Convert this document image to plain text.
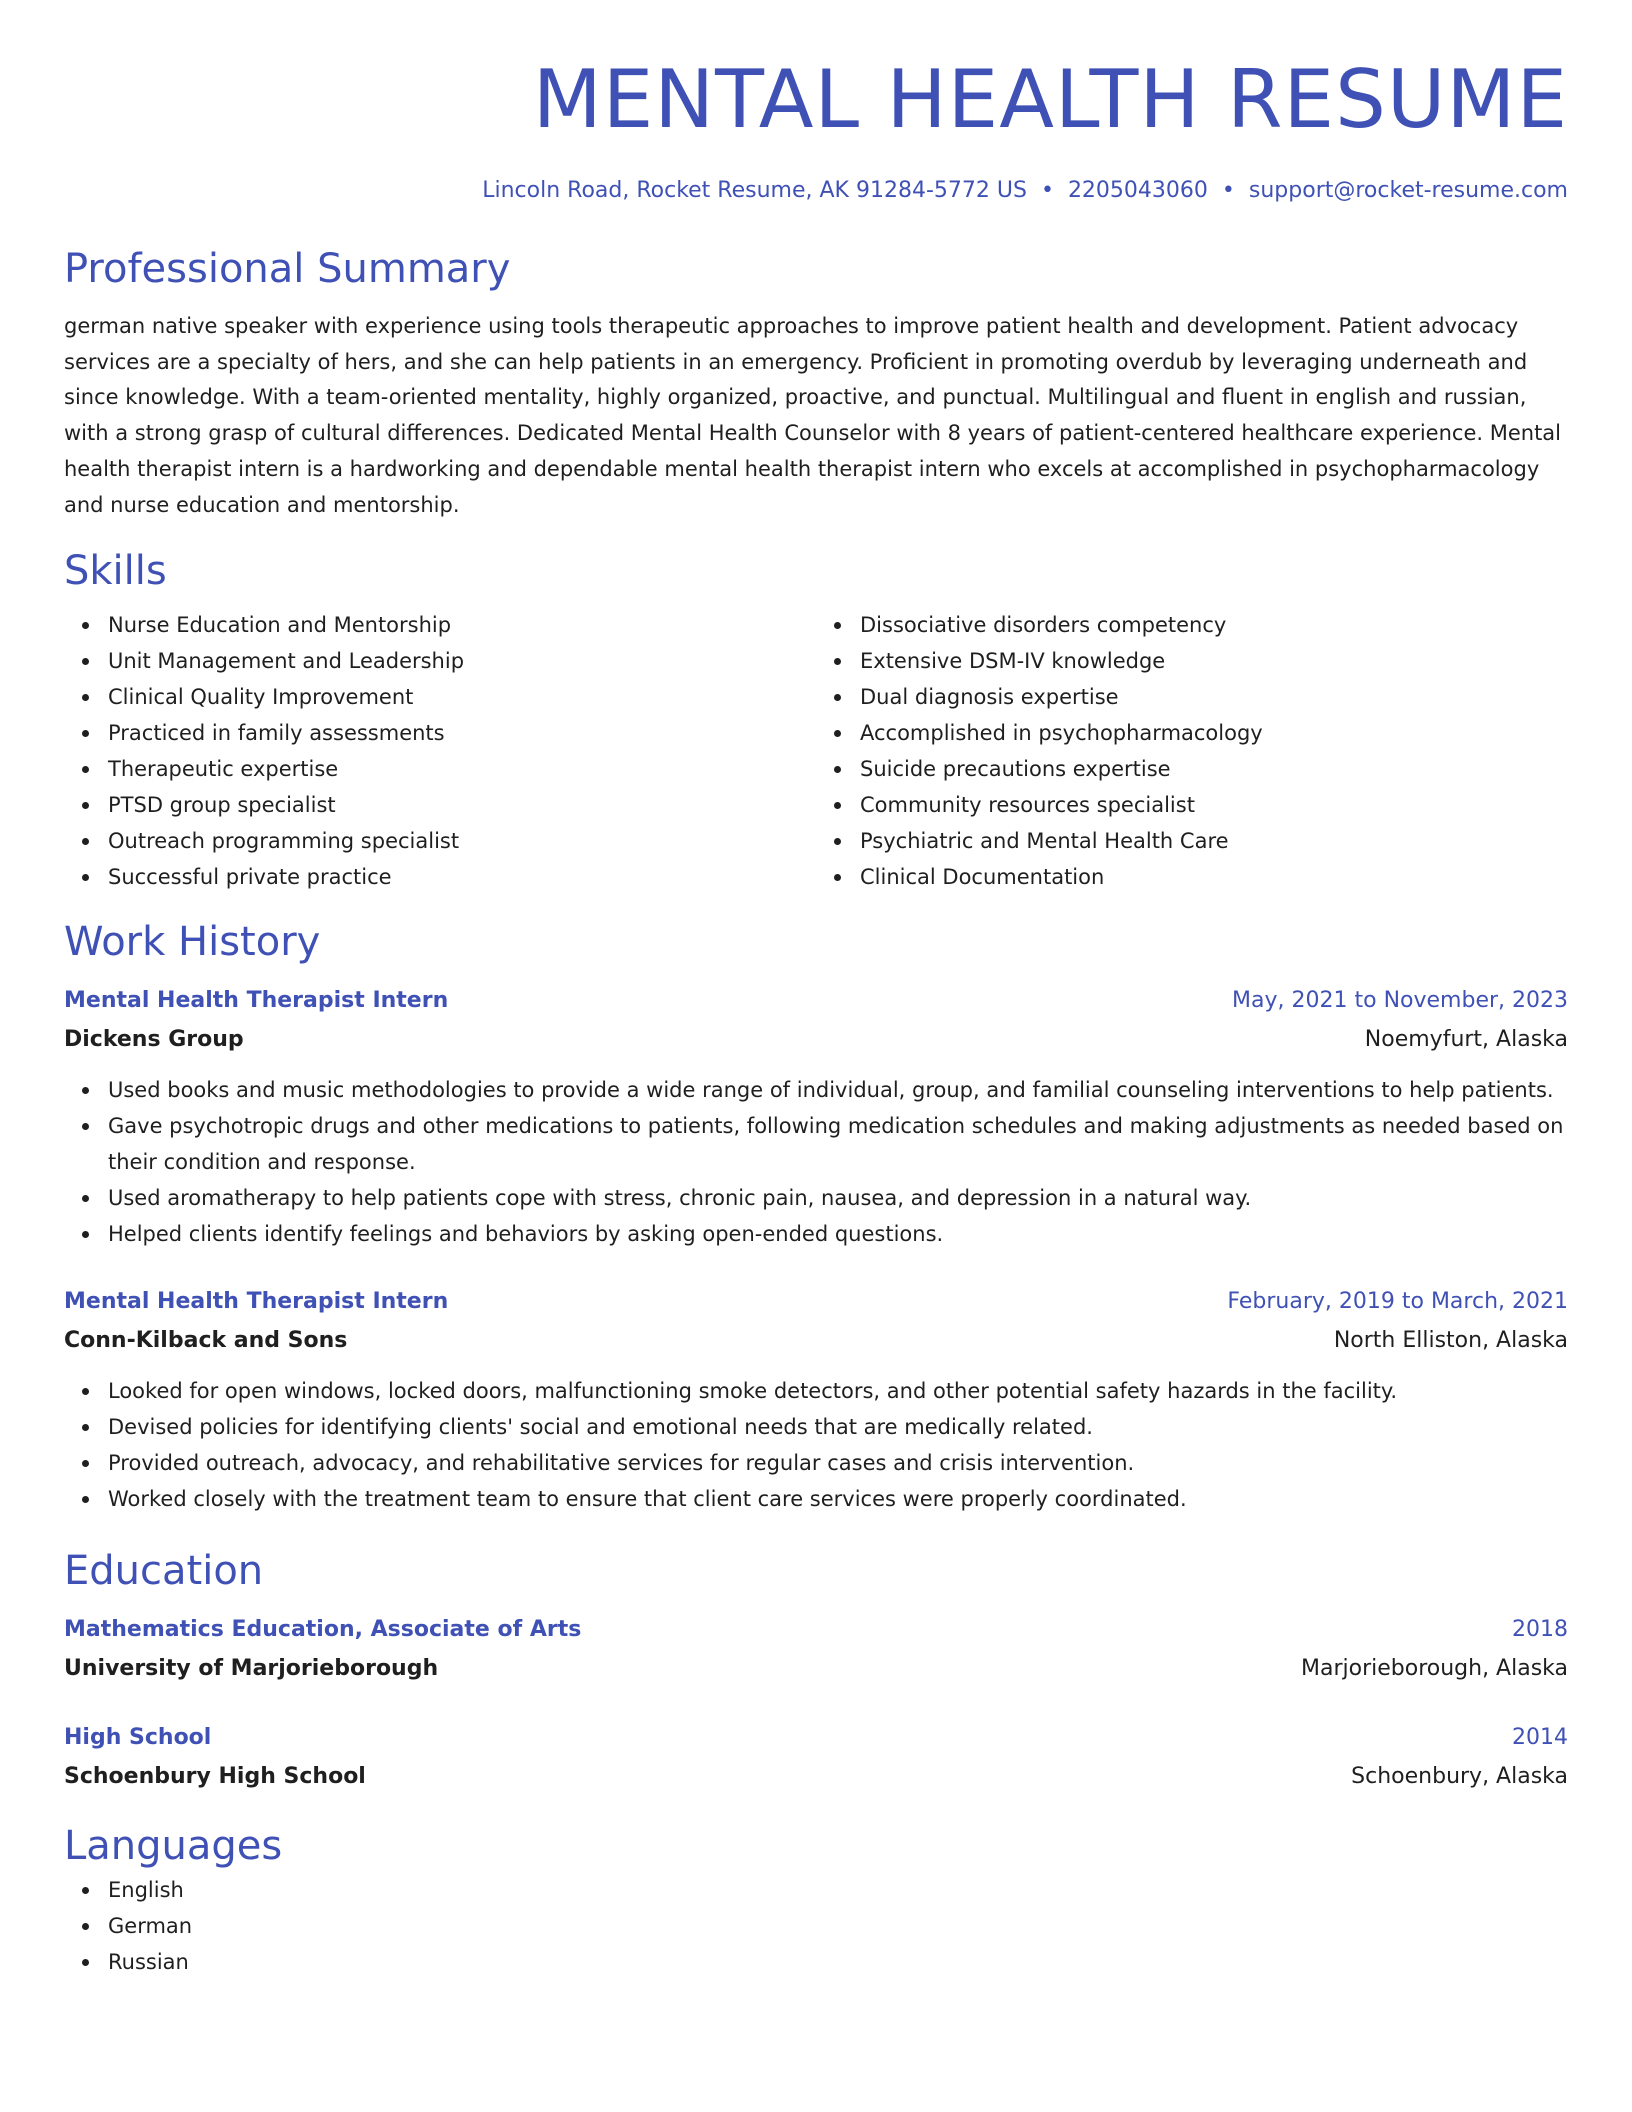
MENTAL HEALTH RESUME
Lincoln Road, Rocket Resume, AK 91284-5772 US • 2205043060 • support@rocket-resume.com
Professional Summary

german native speaker with experience using tools therapeutic approaches to improve patient health and development. Patient advocacy services are a specialty of hers, and she can help patients in an emergency. Proficient in promoting overdub by leveraging underneath and since knowledge. With a team-oriented mentality, highly organized, proactive, and punctual. Multilingual and fluent in english and russian, with a strong grasp of cultural differences. Dedicated Mental Health Counselor with 8 years of patient-centered healthcare experience. Mental health therapist intern is a hardworking and dependable mental health therapist intern who excels at accomplished in psychopharmacology and nurse education and mentorship.

Skills
Nurse Education and Mentorship
Unit Management and Leadership
Clinical Quality Improvement
Practiced in family assessments
Therapeutic expertise
PTSD group specialist
Outreach programming specialist
Successful private practice
Dissociative disorders competency
Extensive DSM-IV knowledge
Dual diagnosis expertise
Accomplished in psychopharmacology
Suicide precautions expertise
Community resources specialist
Psychiatric and Mental Health Care
Clinical Documentation
Work History
Mental Health Therapist Intern	May, 2021 to November, 2023
Dickens Group	Noemyfurt, Alaska
Used books and music methodologies to provide a wide range of individual, group, and familial counseling interventions to help patients.
Gave psychotropic drugs and other medications to patients, following medication schedules and making adjustments as needed based on their condition and response.
Used aromatherapy to help patients cope with stress, chronic pain, nausea, and depression in a natural way.
Helped clients identify feelings and behaviors by asking open-ended questions.
Mental Health Therapist Intern	February, 2019 to March, 2021
Conn-Kilback and Sons	North Elliston, Alaska
Looked for open windows, locked doors, malfunctioning smoke detectors, and other potential safety hazards in the facility.
Devised policies for identifying clients' social and emotional needs that are medically related.
Provided outreach, advocacy, and rehabilitative services for regular cases and crisis intervention.
Worked closely with the treatment team to ensure that client care services were properly coordinated.
Education
Mathematics Education, Associate of Arts	2018
University of Marjorieborough	Marjorieborough, Alaska
High School	2014
Schoenbury High School	Schoenbury, Alaska
Languages
English
German
Russian
